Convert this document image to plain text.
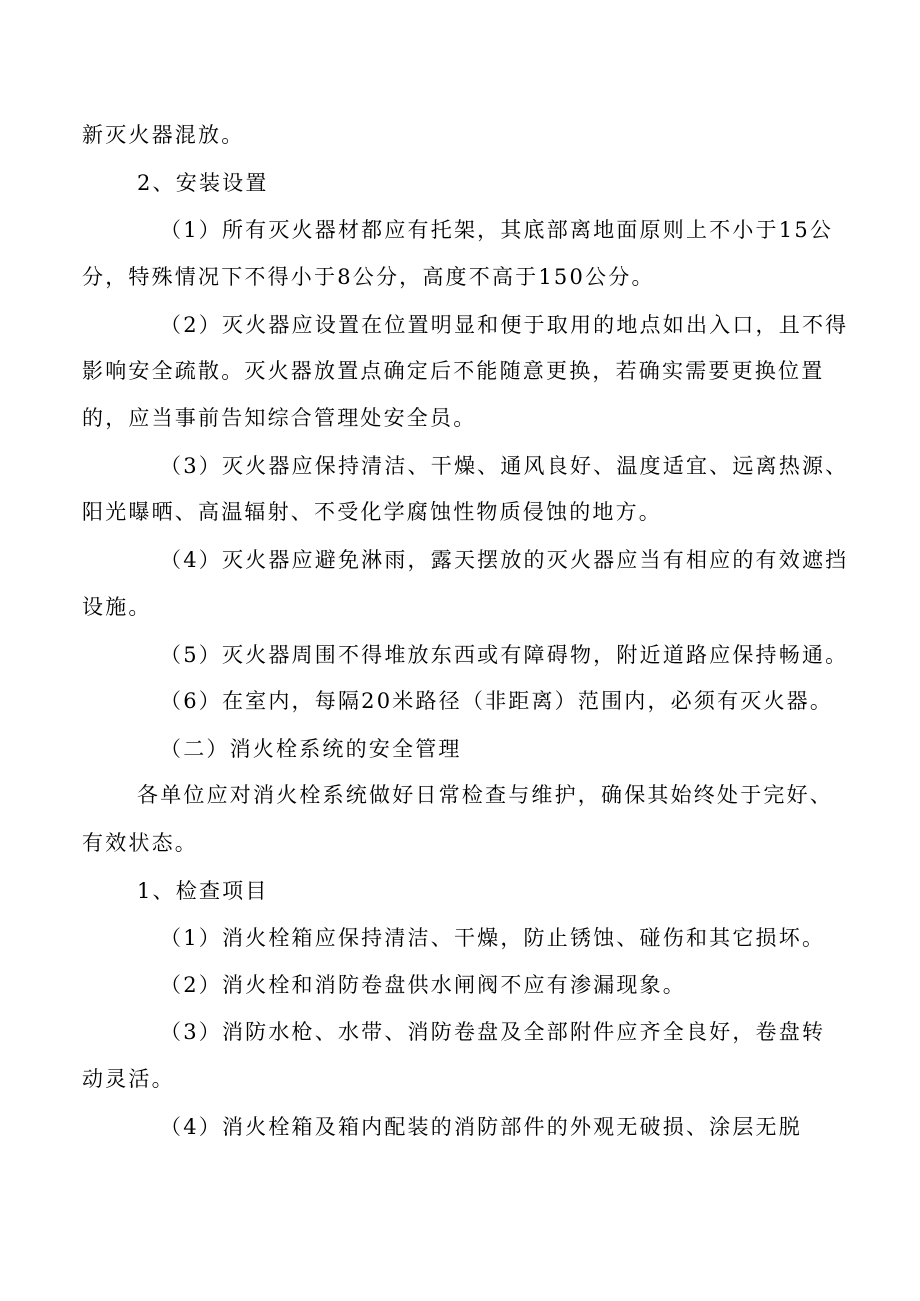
新灭火器混放。
2、安装设置
（1）所有灭火器材都应有托架，其底部离地面原则上不小于15公
分，特殊情况下不得小于8公分，高度不高于150公分。
（2）灭火器应设置在位置明显和便于取用的地点如出入口，且不得
影响安全疏散。灭火器放置点确定后不能随意更换，若确实需要更换位置
的，应当事前告知综合管理处安全员。
（3）灭火器应保持清洁、干燥、通风良好、温度适宜、远离热源、
阳光曝晒、高温辐射、不受化学腐蚀性物质侵蚀的地方。
（4）灭火器应避免淋雨，露天摆放的灭火器应当有相应的有效遮挡
设施。
（5）灭火器周围不得堆放东西或有障碍物，附近道路应保持畅通。
（6）在室内，每隔20米路径（非距离）范围内，必须有灭火器。
（二）消火栓系统的安全管理
各单位应对消火栓系统做好日常检查与维护，确保其始终处于完好、
有效状态。
1、检查项目
（1）消火栓箱应保持清洁、干燥，防止锈蚀、碰伤和其它损坏。
（2）消火栓和消防卷盘供水闸阀不应有渗漏现象。
（3）消防水枪、水带、消防卷盘及全部附件应齐全良好，卷盘转
动灵活。
（4）消火栓箱及箱内配装的消防部件的外观无破损、涂层无脱
